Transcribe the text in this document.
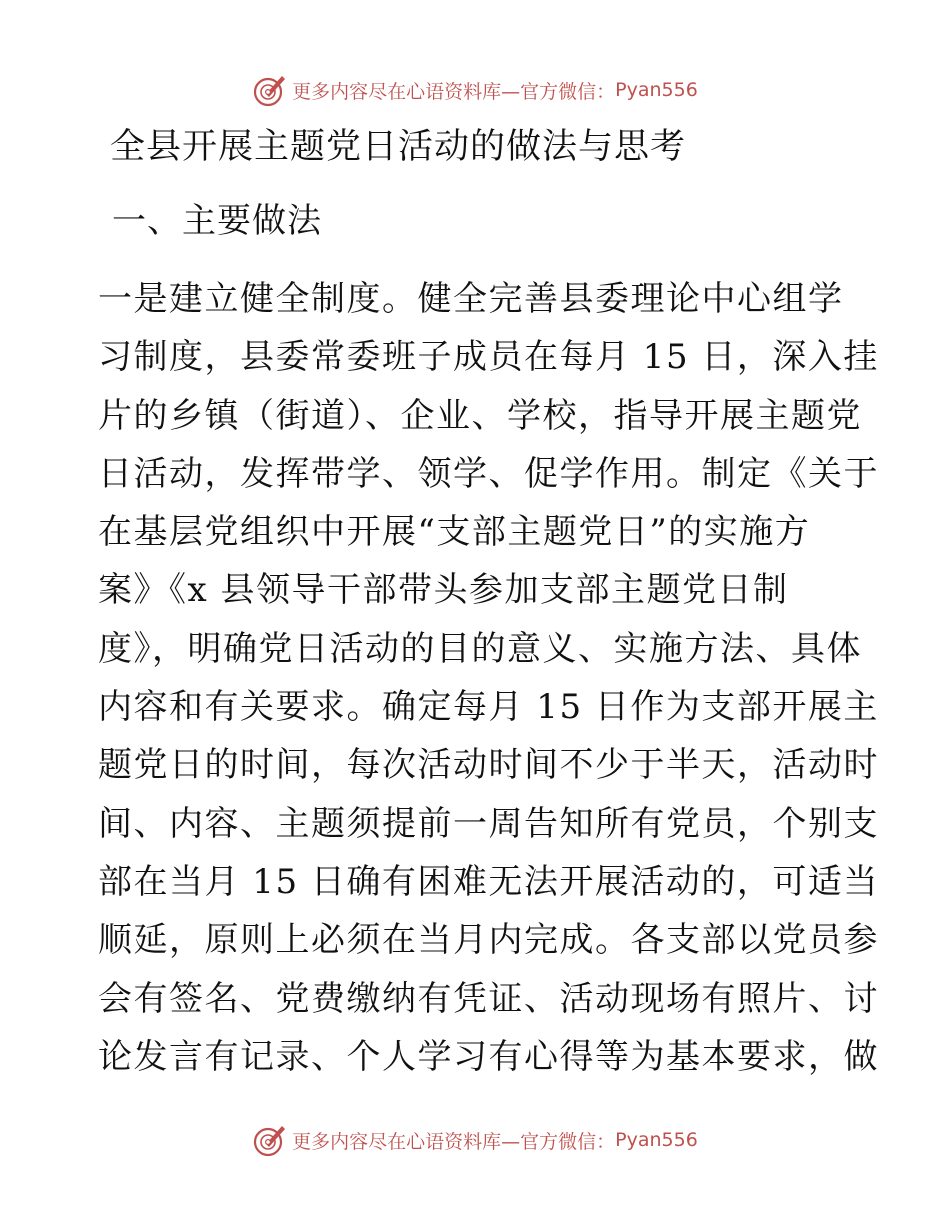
更多内容尽在心语资料库—官方微信： Pyan556
全县开展主题党日活动的做法与思考
一、主要做法
一是建立健全制度。健全完善县委理论中心组学
习制度，县委常委班子成员在每月 15 日，深入挂
片的乡镇（街道）、企业、学校，指导开展主题党
日活动，发挥带学、领学、促学作用。制定《关于
在基层党组织中开展“支部主题党日”的实施方
案》《x 县领导干部带头参加支部主题党日制
度》，明确党日活动的目的意义、实施方法、具体
内容和有关要求。确定每月 15 日作为支部开展主
题党日的时间，每次活动时间不少于半天，活动时
间、内容、主题须提前一周告知所有党员，个别支
部在当月 15 日确有困难无法开展活动的，可适当
顺延，原则上必须在当月内完成。各支部以党员参
会有签名、党费缴纳有凭证、活动现场有照片、讨
论发言有记录、个人学习有心得等为基本要求，做
更多内容尽在心语资料库—官方微信： Pyan556
